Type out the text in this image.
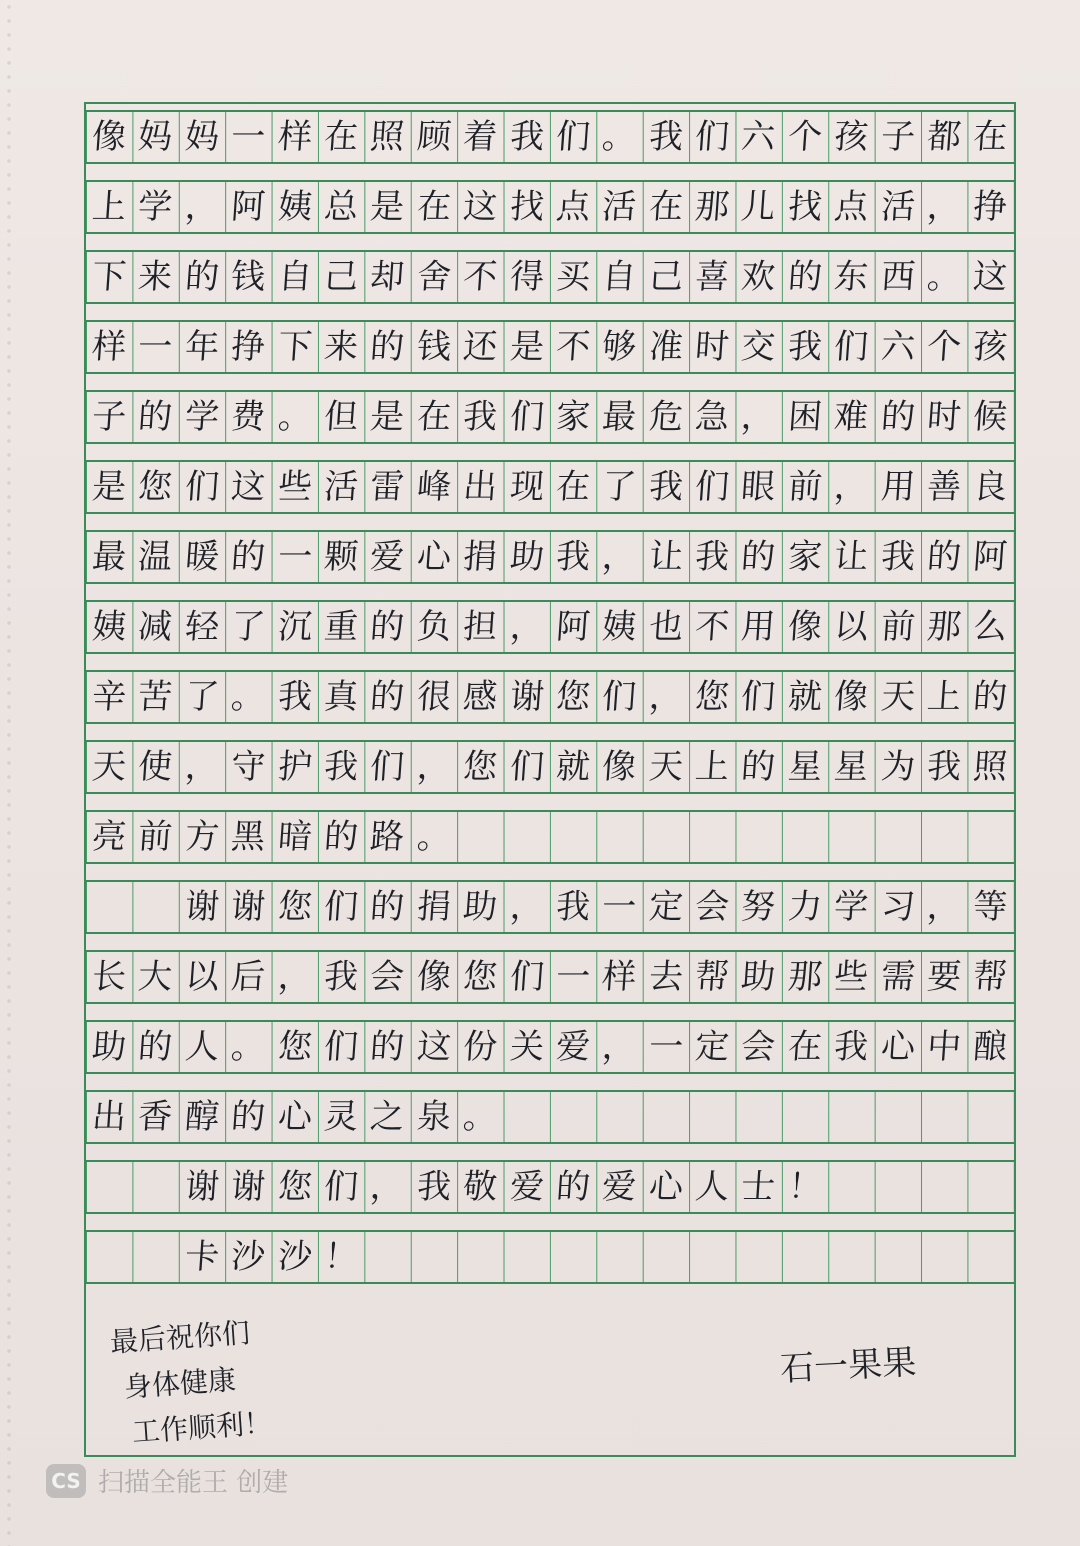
像 妈 妈 一 样 在 照 顾 着 我 们 。 我 们 六 个 孩 子 都 在
上 学 ， 阿 姨 总 是 在 这 找 点 活 在 那 儿 找 点 活 ， 挣
下 来 的 钱 自 己 却 舍 不 得 买 自 己 喜 欢 的 东 西 。 这
样 一 年 挣 下 来 的 钱 还 是 不 够 准 时 交 我 们 六 个 孩
子 的 学 费 。 但 是 在 我 们 家 最 危 急 ， 困 难 的 时 候
是 您 们 这 些 活 雷 峰 出 现 在 了 我 们 眼 前 ， 用 善 良
最 温 暖 的 一 颗 爱 心 捐 助 我 ， 让 我 的 家 让 我 的 阿
姨 减 轻 了 沉 重 的 负 担 ， 阿 姨 也 不 用 像 以 前 那 么
辛 苦 了 。 我 真 的 很 感 谢 您 们 ， 您 们 就 像 天 上 的
天 使 ， 守 护 我 们 ， 您 们 就 像 天 上 的 星 星 为 我 照
亮 前 方 黑 暗 的 路 。

谢 谢 您 们 的 捐 助 ， 我 一 定 会 努 力 学 习 ， 等
长 大 以 后 ， 我 会 像 您 们 一 样 去 帮 助 那 些 需 要 帮
助 的 人 。 您 们 的 这 份 关 爱 ， 一 定 会 在 我 心 中 酿
出 香 醇 的 心 灵 之 泉 。

谢 谢 您 们 ， 我 敬 爱 的 爱 心 人 士 ！

卡 沙 沙 ！
最后祝你们
身体健康
工作顺利！
石一果果
CS 扫描全能王 创建
